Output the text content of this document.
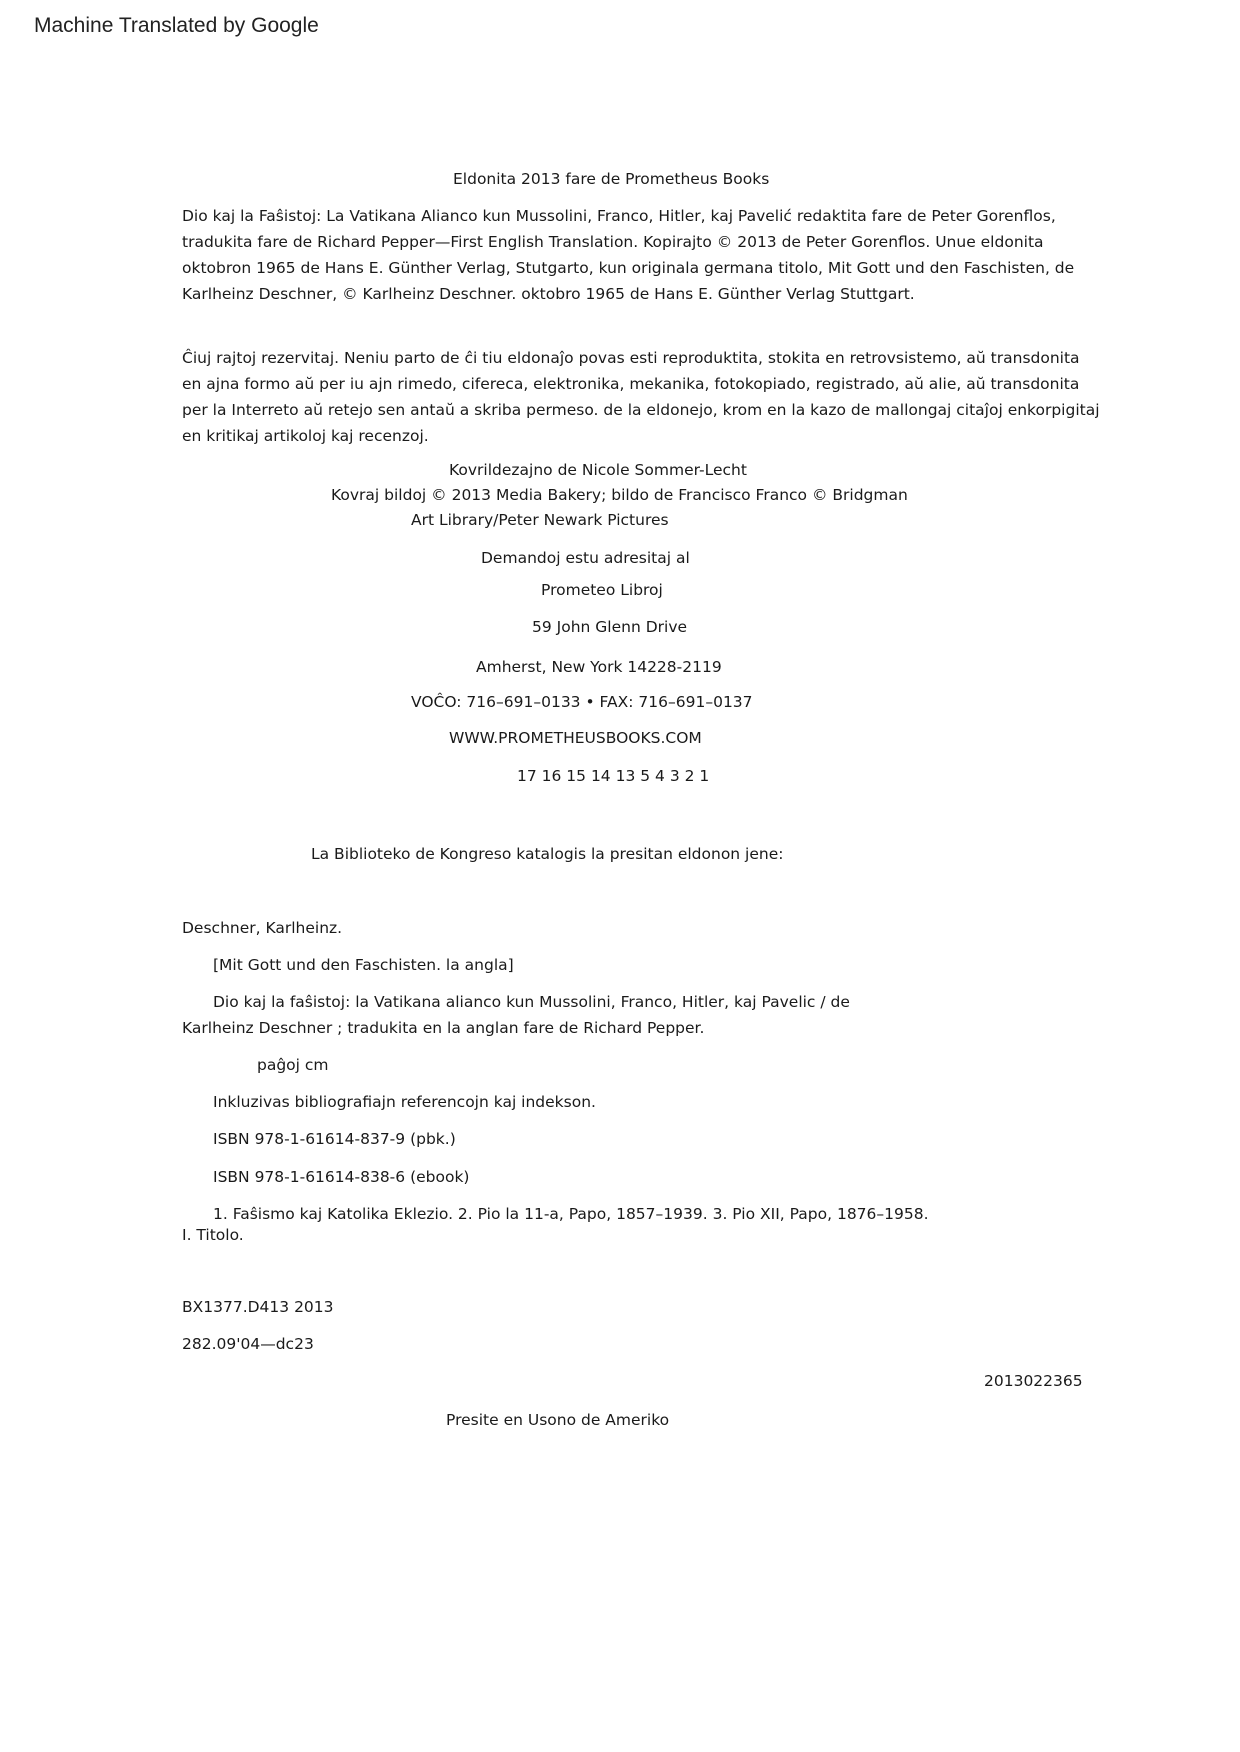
Machine Translated by Google

Eldonita 2013 fare de Prometheus Books

Dio kaj la Faŝistoj: La Vatikana Alianco kun Mussolini, Franco, Hitler, kaj Pavelić redaktita fare de Peter Gorenflos, tradukita fare de Richard Pepper—First English Translation. Kopirajto © 2013 de Peter Gorenflos. Unue eldonita oktobron 1965 de Hans E. Günther Verlag, Stutgarto, kun originala germana titolo, Mit Gott und den Faschisten, de Karlheinz Deschner, © Karlheinz Deschner. oktobro 1965 de Hans E. Günther Verlag Stuttgart.

Ĉiuj rajtoj rezervitaj. Neniu parto de ĉi tiu eldonaĵo povas esti reproduktita, stokita en retrovsistemo, aŭ transdonita en ajna formo aŭ per iu ajn rimedo, cifereca, elektronika, mekanika, fotokopiado, registrado, aŭ alie, aŭ transdonita per la Interreto aŭ retejo sen antaŭ a skriba permeso. de la eldonejo, krom en la kazo de mallongaj citaĵoj enkorpigitaj en kritikaj artikoloj kaj recenzoj.

Kovrildezajno de Nicole Sommer-Lecht

Kovraj bildoj © 2013 Media Bakery; bildo de Francisco Franco © Bridgman

Art Library/Peter Newark Pictures

Demandoj estu adresitaj al

Prometeo Libroj

59 John Glenn Drive

Amherst, New York 14228-2119

VOĈO: 716–691–0133 • FAX: 716–691–0137

WWW.PROMETHEUSBOOKS.COM

17 16 15 14 13 5 4 3 2 1

La Biblioteko de Kongreso katalogis la presitan eldonon jene:

Deschner, Karlheinz.

[Mit Gott und den Faschisten. la angla]

Dio kaj la faŝistoj: la Vatikana alianco kun Mussolini, Franco, Hitler, kaj Pavelic / de

Karlheinz Deschner ; tradukita en la anglan fare de Richard Pepper.

paĝoj cm

Inkluzivas bibliografiajn referencojn kaj indekson.

ISBN 978-1-61614-837-9 (pbk.)

ISBN 978-1-61614-838-6 (ebook)

1. Faŝismo kaj Katolika Eklezio. 2. Pio la 11-a, Papo, 1857–1939. 3. Pio XII, Papo, 1876–1958.

I. Titolo.

BX1377.D413 2013

282.09'04—dc23

2013022365

Presite en Usono de Ameriko
